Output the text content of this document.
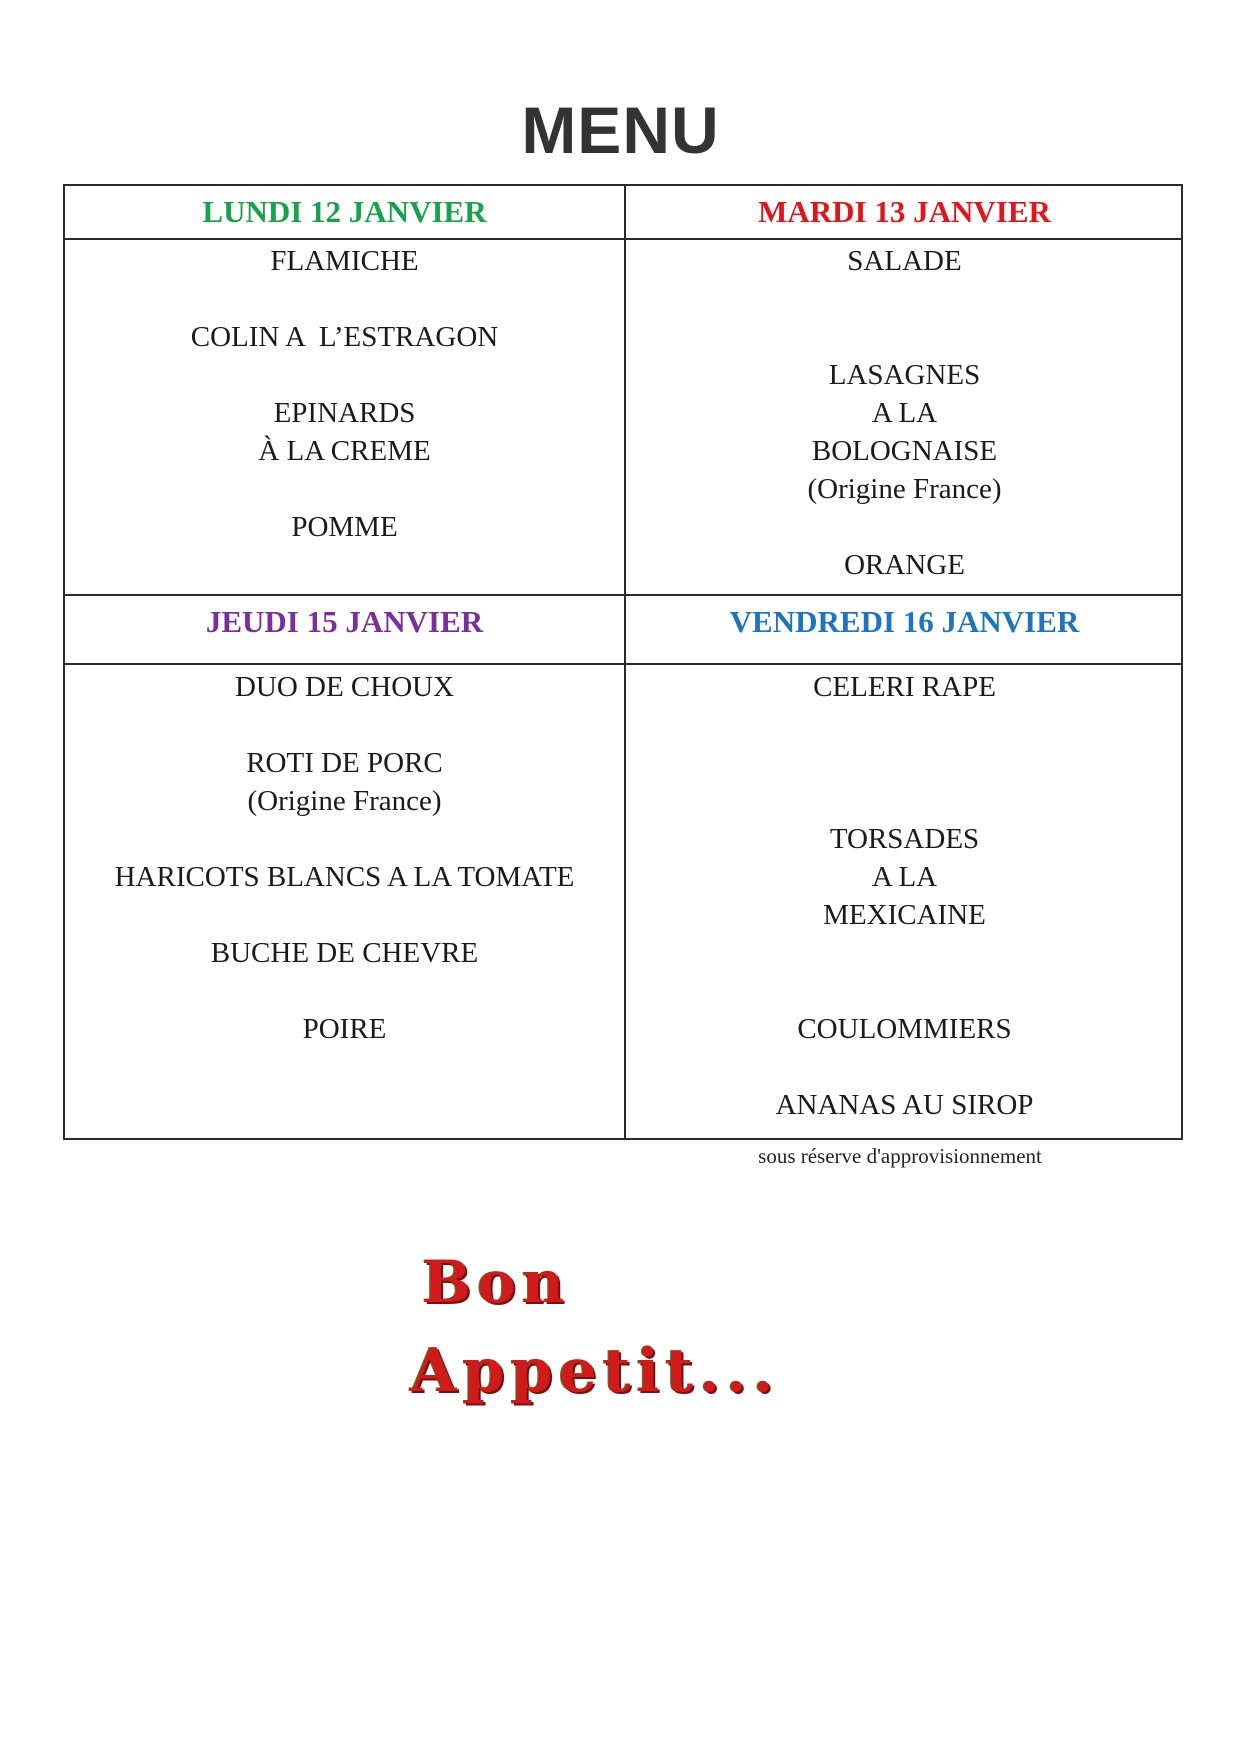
MENU
LUNDI 12 JANVIER	MARDI 13 JANVIER
JEUDI 15 JANVIER	VENDREDI 16 JANVIER
FLAMICHE

COLIN A  L’ESTRAGON

EPINARDS
À LA CREME

POMME
SALADE

LASAGNES
A LA
BOLOGNAISE
(Origine France)

ORANGE
DUO DE CHOUX

ROTI DE PORC
(Origine France)

HARICOTS BLANCS A LA TOMATE

BUCHE DE CHEVRE

POIRE
CELERI RAPE

TORSADES
A LA
MEXICAINE

COULOMMIERS

ANANAS AU SIROP
sous réserve d'approvisionnement
Bon
Appetit...
